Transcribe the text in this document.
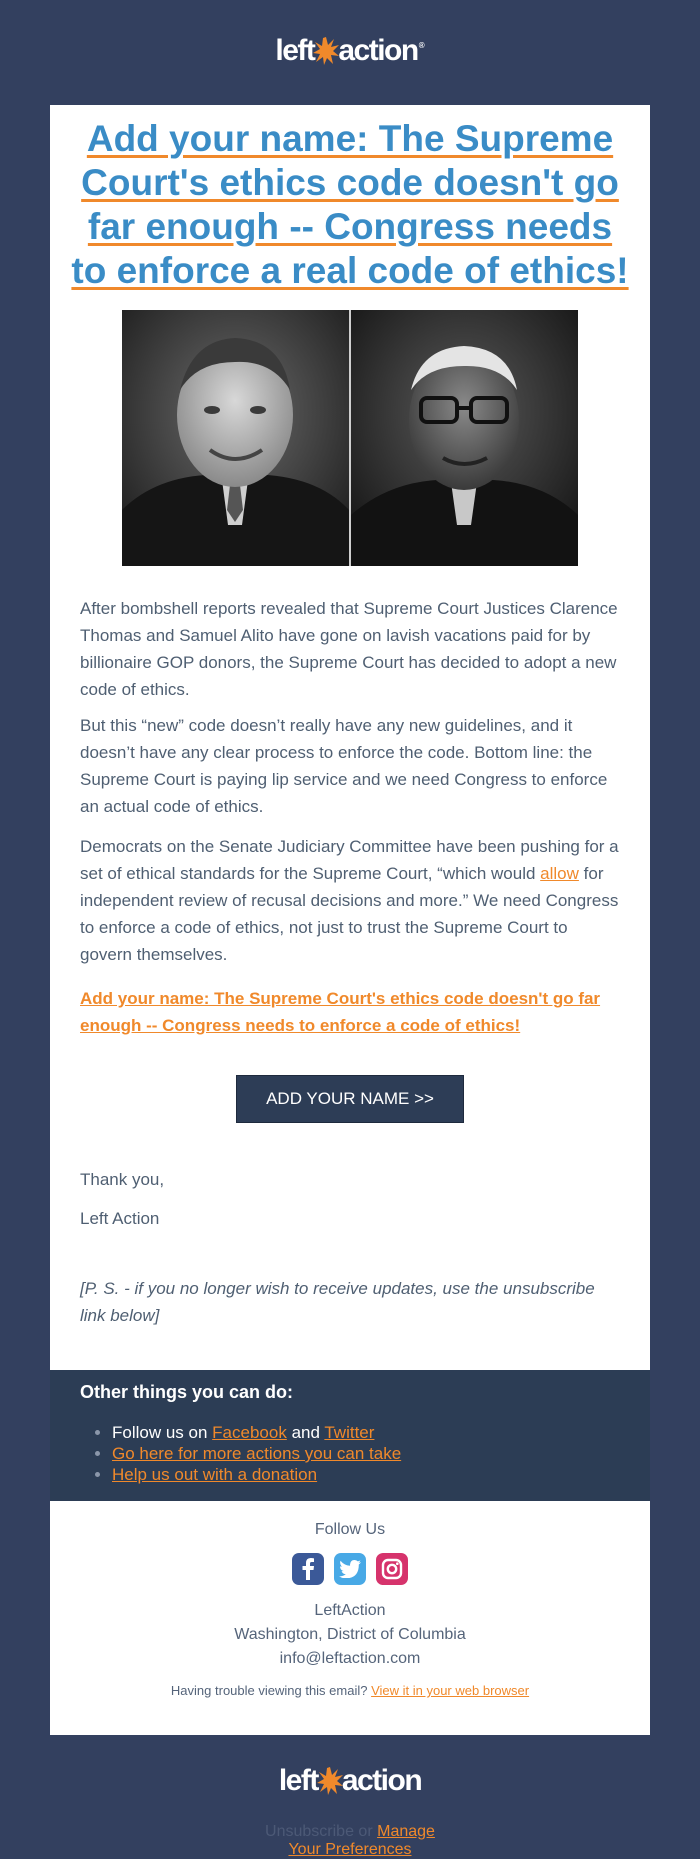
left action ®
Add your name: The Supreme Court's ethics code doesn't go far enough -- Congress needs to enforce a real code of ethics!

After bombshell reports revealed that Supreme Court Justices Clarence Thomas and Samuel Alito have gone on lavish vacations paid for by billionaire GOP donors, the Supreme Court has decided to adopt a new code of ethics.

But this “new” code doesn’t really have any new guidelines, and it doesn’t have any clear process to enforce the code. Bottom line: the Supreme Court is paying lip service and we need Congress to enforce an actual code of ethics.

Democrats on the Senate Judiciary Committee have been pushing for a set of ethical standards for the Supreme Court, “which would allow for independent review of recusal decisions and more.” We need Congress to enforce a code of ethics, not just to trust the Supreme Court to govern themselves.

Add your name: The Supreme Court's ethics code doesn't go far enough -- Congress needs to enforce a code of ethics!

ADD YOUR NAME >>

Thank you,

Left Action

[P. S. - if you no longer wish to receive updates, use the unsubscribe link below]

Other things you can do:
• Follow us on Facebook and Twitter
• Go here for more actions you can take
• Help us out with a donation
Follow Us
LeftAction
Washington, District of Columbia
info@leftaction.com
Having trouble viewing this email? View it in your web browser
left action
Unsubscribe or Manage
Your Preferences
